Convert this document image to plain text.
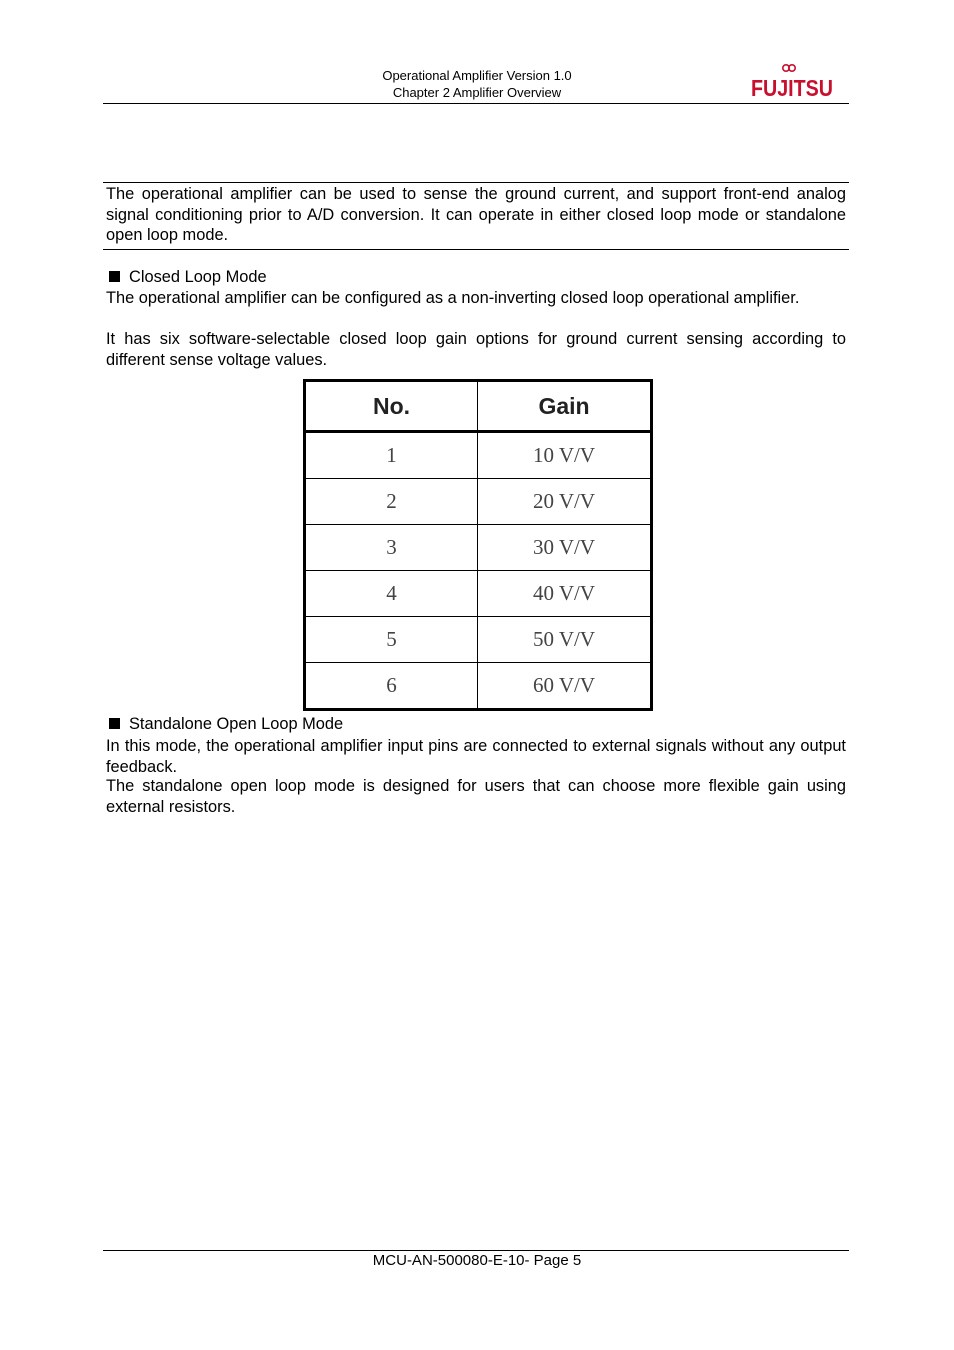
Operational Amplifier Version 1.0
Chapter 2 Amplifier Overview	FUJITSU
The operational amplifier can be used to sense the ground current, and support front-end analog signal conditioning prior to A/D conversion. It can operate in either closed loop mode or standalone open loop mode.
Closed Loop Mode
The operational amplifier can be configured as a non-inverting closed loop operational amplifier.
It has six software-selectable closed loop gain options for ground current sensing according to different sense voltage values.
No.	Gain
1	10 V/V
2	20 V/V
3	30 V/V
4	40 V/V
5	50 V/V
6	60 V/V
Standalone Open Loop Mode
In this mode, the operational amplifier input pins are connected to external signals without any output feedback.
The standalone open loop mode is designed for users that can choose more flexible gain using external resistors.
MCU-AN-500080-E-10- Page 5
